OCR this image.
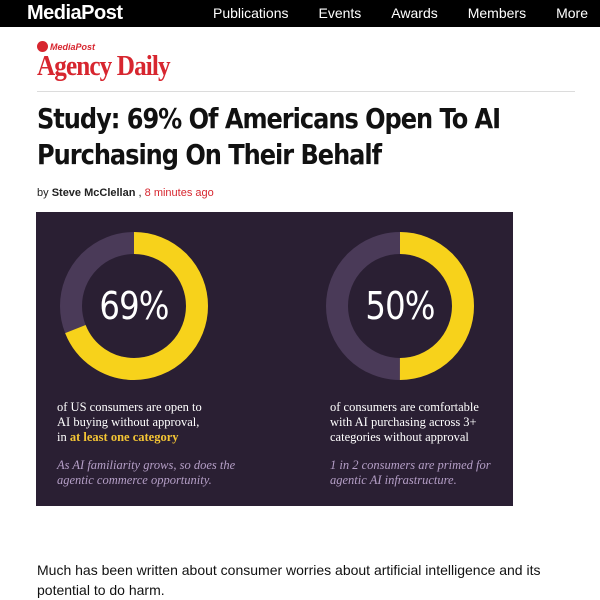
MediaPost	Publications Events Awards Members More
MediaPost
Agency Daily
Study: 69% Of Americans Open To AI Purchasing On Their Behalf
by Steve McClellan , 8 minutes ago
69%	50%
of US consumers are open to
AI buying without approval,
in at least one category
As AI familiarity grows, so does the
agentic commerce opportunity.
of consumers are comfortable
with AI purchasing across 3+
categories without approval
1 in 2 consumers are primed for
agentic AI infrastructure.

Much has been written about consumer worries about artificial intelligence and its potential to do harm.
